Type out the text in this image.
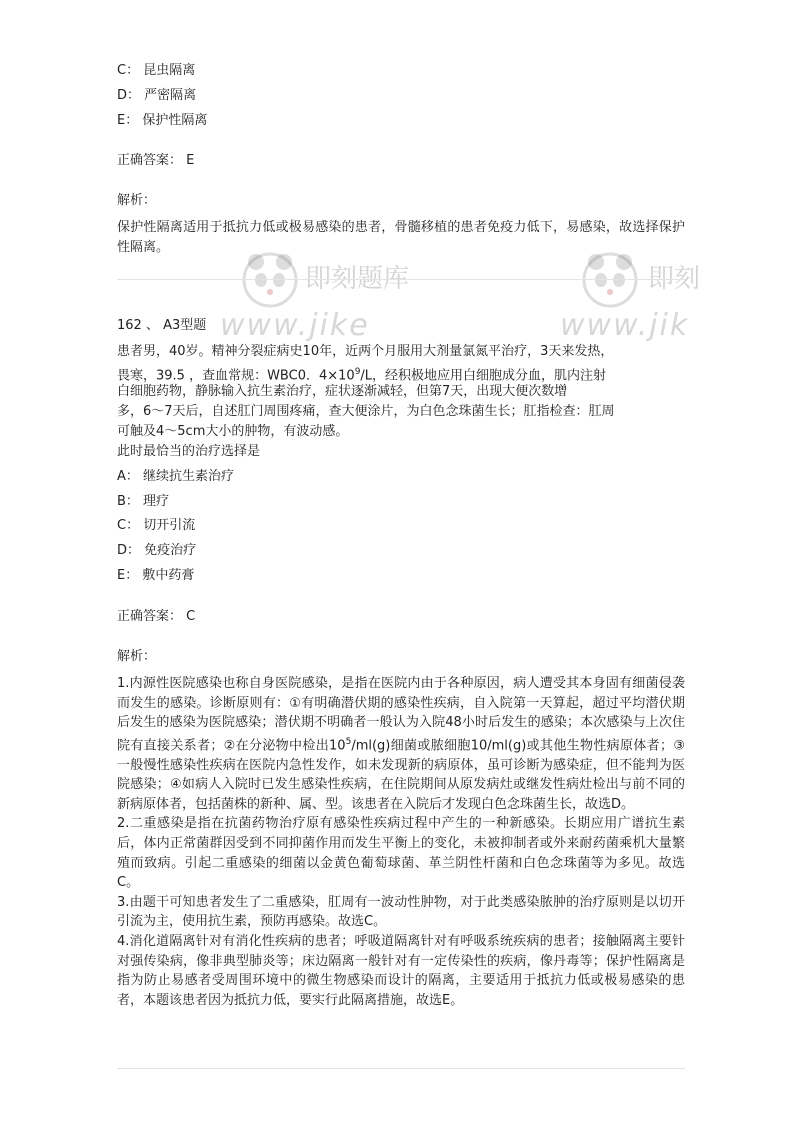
即刻题库
www.jike
即刻
www.jik
C： 昆虫隔离
D： 严密隔离
E： 保护性隔离
正确答案： E
解析：

保护性隔离适用于抵抗力低或极易感染的患者，骨髓移植的患者免疫力低下，易感染，故选择保护性隔离。

162 、 A3型题
患者男，40岁。精神分裂症病史10年，近两个月服用大剂量氯氮平治疗，3天来发热，
畏寒，39.5 ，查血常规：WBC0．$4\times 10^9/L$，经积极地应用白细胞成分血，肌内注射
白细胞药物，静脉输入抗生素治疗，症状逐渐减轻，但第7天，出现大便次数增
多，6～7天后，自述肛门周围疼痛，查大便涂片，为白色念珠菌生长；肛指检查：肛周
可触及4～5cm大小的肿物，有波动感。
此时最恰当的治疗选择是
A： 继续抗生素治疗
B： 理疗
C： 切开引流
D： 免疫治疗
E： 敷中药膏
正确答案： C
解析：

1.内源性医院感染也称自身医院感染，是指在医院内由于各种原因，病人遭受其本身固有细菌侵袭而发生的感染。诊断原则有：①有明确潜伏期的感染性疾病，自入院第一天算起，超过平均潜伏期后发生的感染为医院感染；潜伏期不明确者一般认为入院48小时后发生的感染；本次感染与上次住院有直接关系者；②在分泌物中检出$10^5/ml(g)$细菌或脓细胞10/ml(g)或其他生物性病原体者；③一般慢性感染性疾病在医院内急性发作，如未发现新的病原体，虽可诊断为感染症，但不能判为医院感染；④如病人入院时已发生感染性疾病，在住院期间从原发病灶或继发性病灶检出与前不同的新病原体者，包括菌株的新种、属、型。该患者在入院后才发现白色念珠菌生长，故选D。

2.二重感染是指在抗菌药物治疗原有感染性疾病过程中产生的一种新感染。长期应用广谱抗生素后，体内正常菌群因受到不同抑菌作用而发生平衡上的变化，未被抑制者或外来耐药菌乘机大量繁殖而致病。引起二重感染的细菌以金黄色葡萄球菌、革兰阴性杆菌和白色念珠菌等为多见。故选C。

3.由题干可知患者发生了二重感染，肛周有一波动性肿物，对于此类感染脓肿的治疗原则是以切开引流为主，使用抗生素，预防再感染。故选C。

4.消化道隔离针对有消化性疾病的患者；呼吸道隔离针对有呼吸系统疾病的患者；接触隔离主要针对强传染病，像非典型肺炎等；床边隔离一般针对有一定传染性的疾病，像丹毒等；保护性隔离是指为防止易感者受周围环境中的微生物感染而设计的隔离，主要适用于抵抗力低或极易感染的患者，本题该患者因为抵抗力低，要实行此隔离措施，故选E。
